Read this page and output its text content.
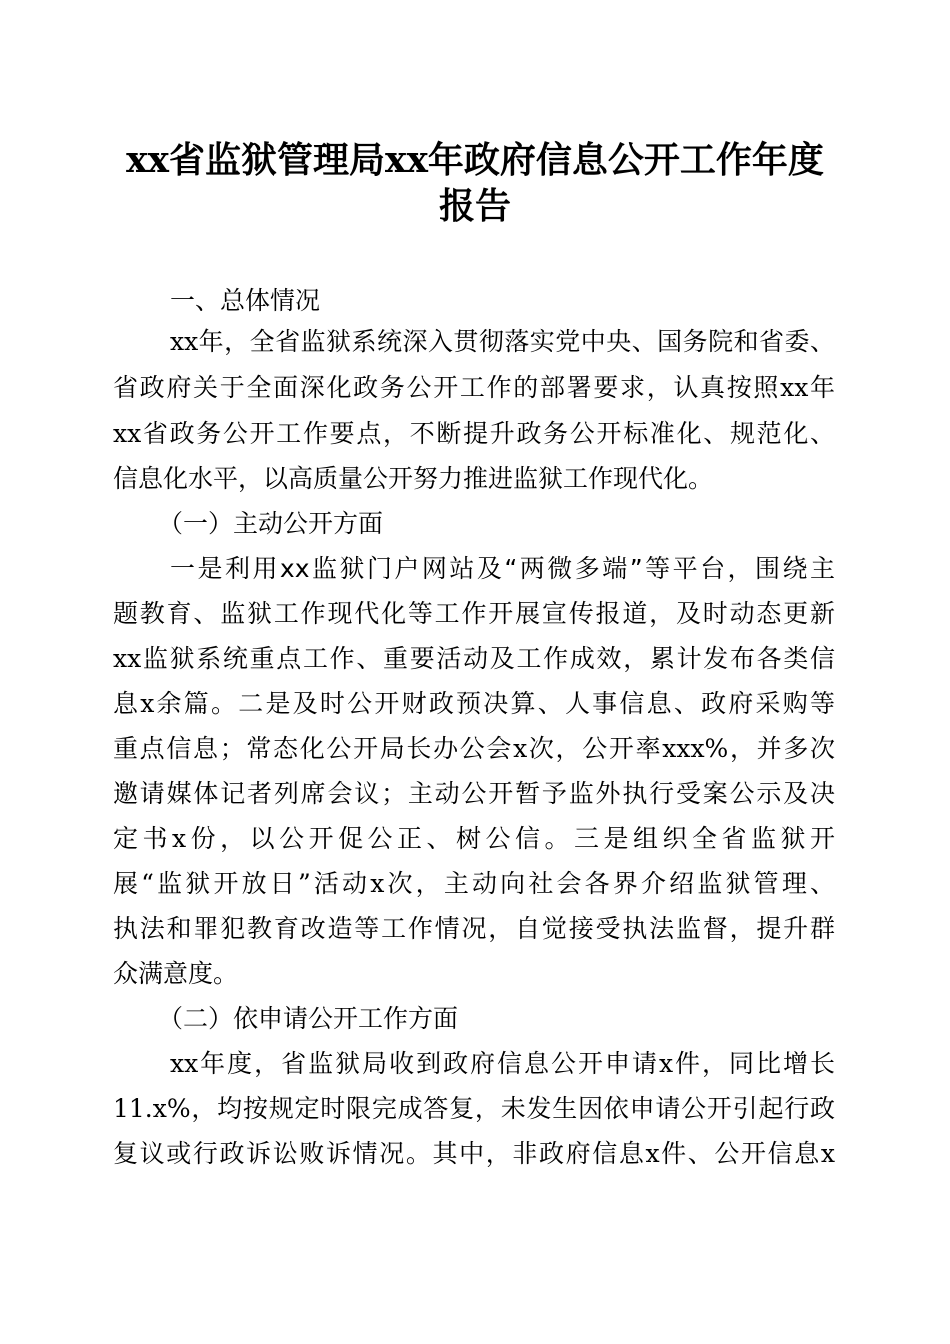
xx省监狱管理局xx年政府信息公开工作年度
报告
一、总体情况
xx年，全省监狱系统深入贯彻落实党中央、国务院和省委、
省政府关于全面深化政务公开工作的部署要求，认真按照xx年
xx省政务公开工作要点，不断提升政务公开标准化、规范化、
信息化水平，以高质量公开努力推进监狱工作现代化。
（一）主动公开方面
一是利用xx监狱门户网站及“两微多端”等平台，围绕主
题教育、监狱工作现代化等工作开展宣传报道，及时动态更新
xx监狱系统重点工作、重要活动及工作成效，累计发布各类信
息x余篇。二是及时公开财政预决算、人事信息、政府采购等
重点信息；常态化公开局长办公会x次，公开率xxx%，并多次
邀请媒体记者列席会议；主动公开暂予监外执行受案公示及决
定书x份，以公开促公正、树公信。三是组织全省监狱开
展“监狱开放日”活动x次，主动向社会各界介绍监狱管理、
执法和罪犯教育改造等工作情况，自觉接受执法监督，提升群
众满意度。
（二）依申请公开工作方面
xx年度，省监狱局收到政府信息公开申请x件，同比增长
11.x%，均按规定时限完成答复，未发生因依申请公开引起行政
复议或行政诉讼败诉情况。其中，非政府信息x件、公开信息x
